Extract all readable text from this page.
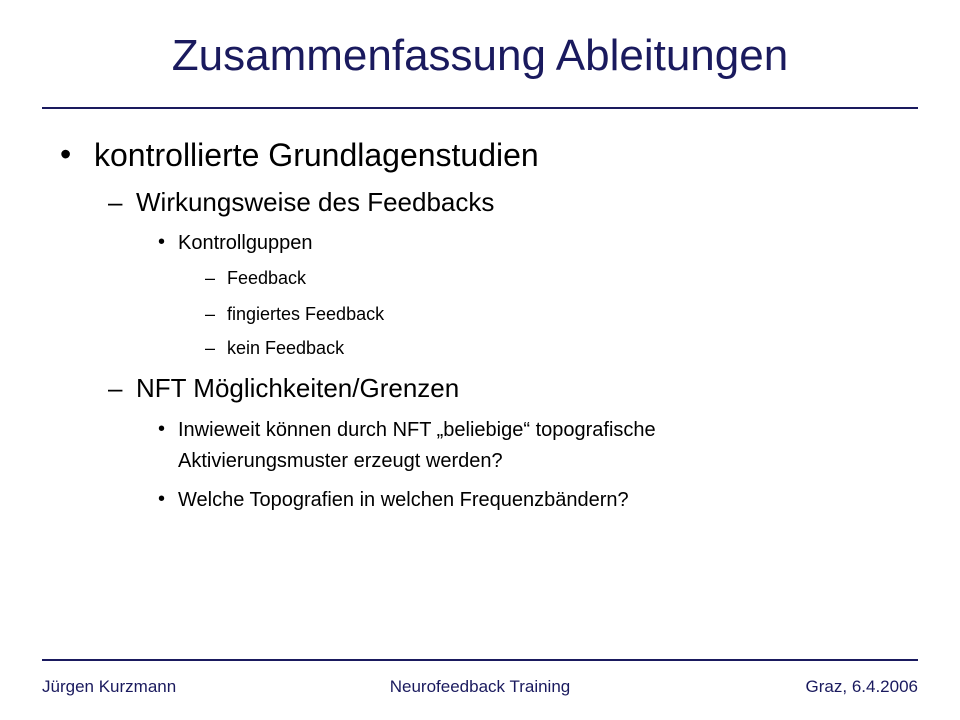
Zusammenfassung Ableitungen
• kontrollierte Grundlagenstudien
– Wirkungsweise des Feedbacks
• Kontrollguppen
– Feedback
– fingiertes Feedback
– kein Feedback
– NFT Möglichkeiten/Grenzen
• Inwieweit können durch NFT „beliebige“ topografische
Aktivierungsmuster erzeugt werden?
• Welche Topografien in welchen Frequenzbändern?
Jürgen Kurzmann	Neurofeedback Training	Graz, 6.4.2006
